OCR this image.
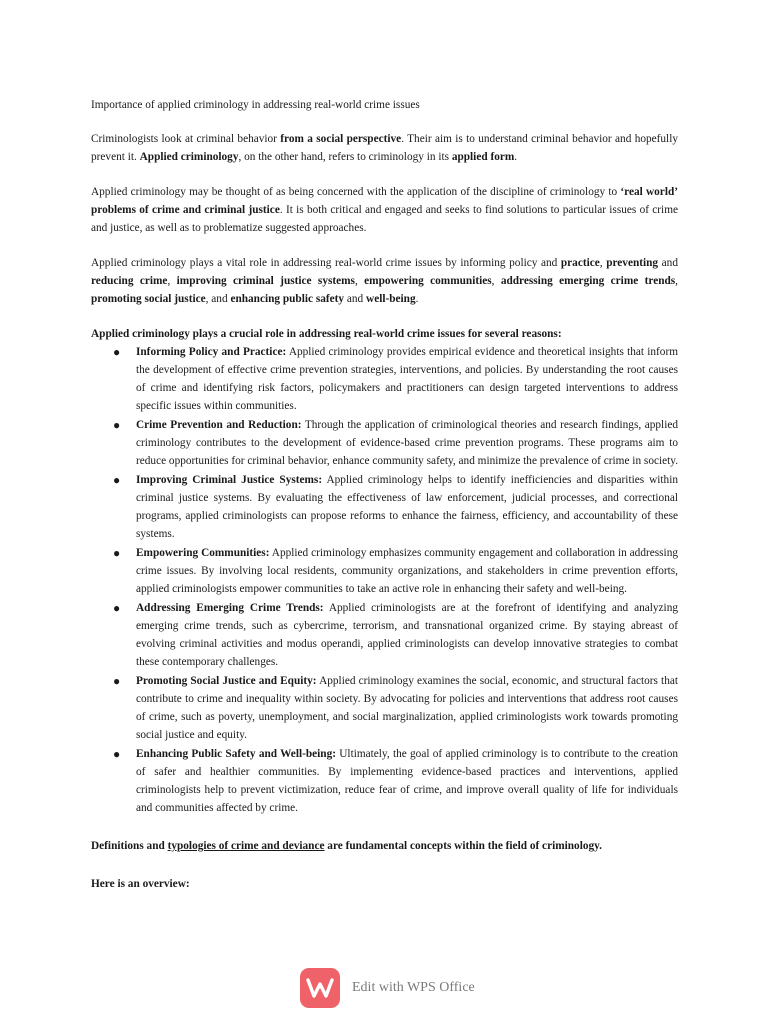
Importance of applied criminology in addressing real-world crime issues

Criminologists look at criminal behavior from a social perspective. Their aim is to understand criminal behavior and hopefully prevent it. Applied criminology, on the other hand, refers to criminology in its applied form.

Applied criminology may be thought of as being concerned with the application of the discipline of criminology to ‘real world’ problems of crime and criminal justice. It is both critical and engaged and seeks to find solutions to particular issues of crime and justice, as well as to problematize suggested approaches.

Applied criminology plays a vital role in addressing real-world crime issues by informing policy and practice, preventing and reducing crime, improving criminal justice systems, empowering communities, addressing emerging crime trends, promoting social justice, and enhancing public safety and well-being.

Applied criminology plays a crucial role in addressing real-world crime issues for several reasons:
● Informing Policy and Practice: Applied criminology provides empirical evidence and theoretical insights that inform the development of effective crime prevention strategies, interventions, and policies. By understanding the root causes of crime and identifying risk factors, policymakers and practitioners can design targeted interventions to address specific issues within communities.
● Crime Prevention and Reduction: Through the application of criminological theories and research findings, applied criminology contributes to the development of evidence-based crime prevention programs. These programs aim to reduce opportunities for criminal behavior, enhance community safety, and minimize the prevalence of crime in society.
● Improving Criminal Justice Systems: Applied criminology helps to identify inefficiencies and disparities within criminal justice systems. By evaluating the effectiveness of law enforcement, judicial processes, and correctional programs, applied criminologists can propose reforms to enhance the fairness, efficiency, and accountability of these systems.
● Empowering Communities: Applied criminology emphasizes community engagement and collaboration in addressing crime issues. By involving local residents, community organizations, and stakeholders in crime prevention efforts, applied criminologists empower communities to take an active role in enhancing their safety and well-being.
● Addressing Emerging Crime Trends: Applied criminologists are at the forefront of identifying and analyzing emerging crime trends, such as cybercrime, terrorism, and transnational organized crime. By staying abreast of evolving criminal activities and modus operandi, applied criminologists can develop innovative strategies to combat these contemporary challenges.
● Promoting Social Justice and Equity: Applied criminology examines the social, economic, and structural factors that contribute to crime and inequality within society. By advocating for policies and interventions that address root causes of crime, such as poverty, unemployment, and social marginalization, applied criminologists work towards promoting social justice and equity.
● Enhancing Public Safety and Well-being: Ultimately, the goal of applied criminology is to contribute to the creation of safer and healthier communities. By implementing evidence-based practices and interventions, applied criminologists help to prevent victimization, reduce fear of crime, and improve overall quality of life for individuals and communities affected by crime.
Definitions and typologies of crime and deviance are fundamental concepts within the field of criminology.
Here is an overview:
Edit with WPS Office
